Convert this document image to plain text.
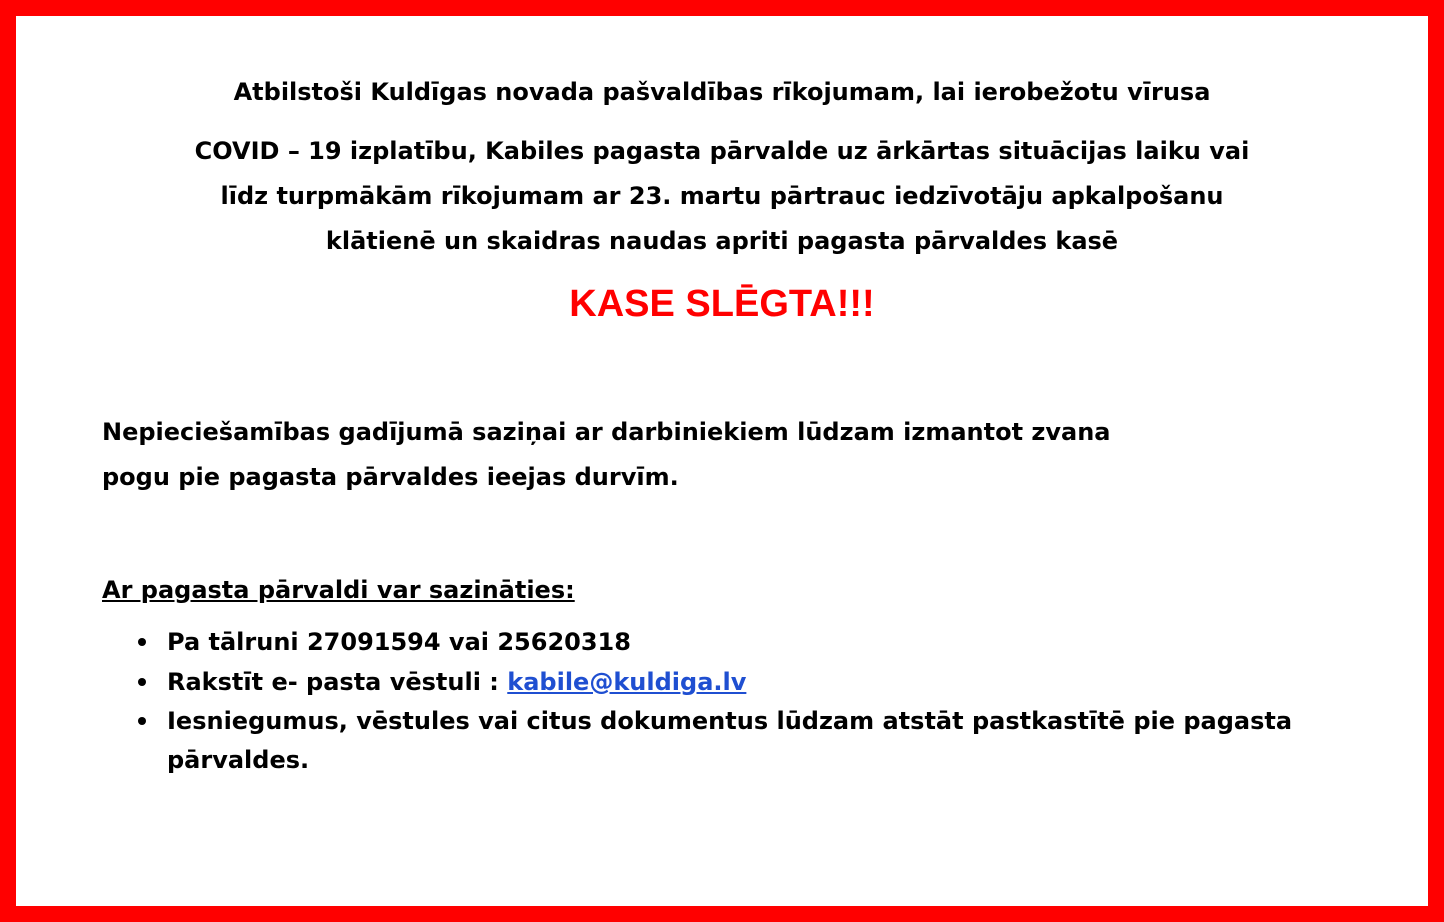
Atbilstoši Kuldīgas novada pašvaldības rīkojumam, lai ierobežotu vīrusa

COVID – 19 izplatību, Kabiles pagasta pārvalde uz ārkārtas situācijas laiku vai

līdz turpmākām rīkojumam ar 23. martu pārtrauc iedzīvotāju apkalpošanu

klātienē un skaidras naudas apriti pagasta pārvaldes kasē

KASE SLĒGTA!!!

Nepieciešamības gadījumā saziņai ar darbiniekiem lūdzam izmantot zvana

pogu pie pagasta pārvaldes ieejas durvīm.

Ar pagasta pārvaldi var sazināties:
Pa tālruni 27091594 vai 25620318
Rakstīt e- pasta vēstuli : kabile@kuldiga.lv
Iesniegumus, vēstules vai citus dokumentus lūdzam atstāt pastkastītē pie pagasta
pārvaldes.
